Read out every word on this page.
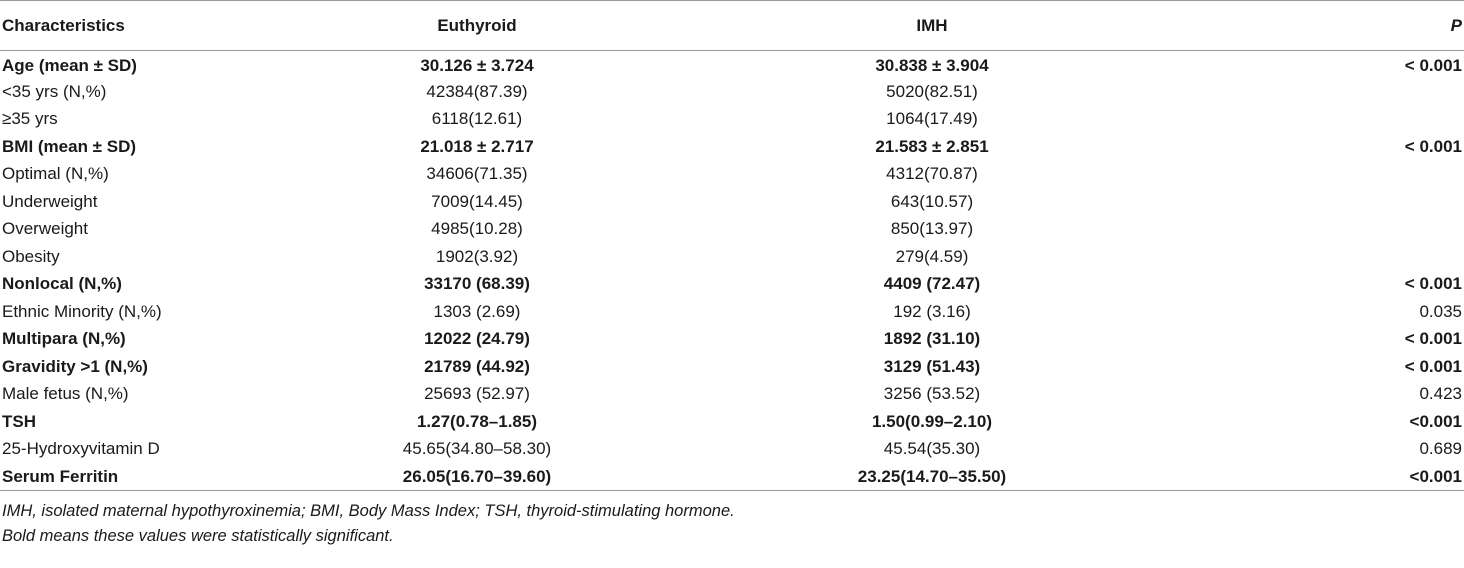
Characteristics	Euthyroid	IMH	P
Age (mean ± SD)	30.126 ± 3.724	30.838 ± 3.904	< 0.001
<35 yrs (N,%)	42384(87.39)	5020(82.51)	
≥35 yrs	6118(12.61)	1064(17.49)	
BMI (mean ± SD)	21.018 ± 2.717	21.583 ± 2.851	< 0.001
Optimal (N,%)	34606(71.35)	4312(70.87)	
Underweight	7009(14.45)	643(10.57)	
Overweight	4985(10.28)	850(13.97)	
Obesity	1902(3.92)	279(4.59)	
Nonlocal (N,%)	33170 (68.39)	4409 (72.47)	< 0.001
Ethnic Minority (N,%)	1303 (2.69)	192 (3.16)	0.035
Multipara (N,%)	12022 (24.79)	1892 (31.10)	< 0.001
Gravidity >1 (N,%)	21789 (44.92)	3129 (51.43)	< 0.001
Male fetus (N,%)	25693 (52.97)	3256 (53.52)	0.423
TSH	1.27(0.78–1.85)	1.50(0.99–2.10)	<0.001
25-Hydroxyvitamin D	45.65(34.80–58.30)	45.54(35.30)	0.689
Serum Ferritin	26.05(16.70–39.60)	23.25(14.70–35.50)	<0.001
IMH, isolated maternal hypothyroxinemia; BMI, Body Mass Index; TSH, thyroid-stimulating hormone.
Bold means these values were statistically significant.
